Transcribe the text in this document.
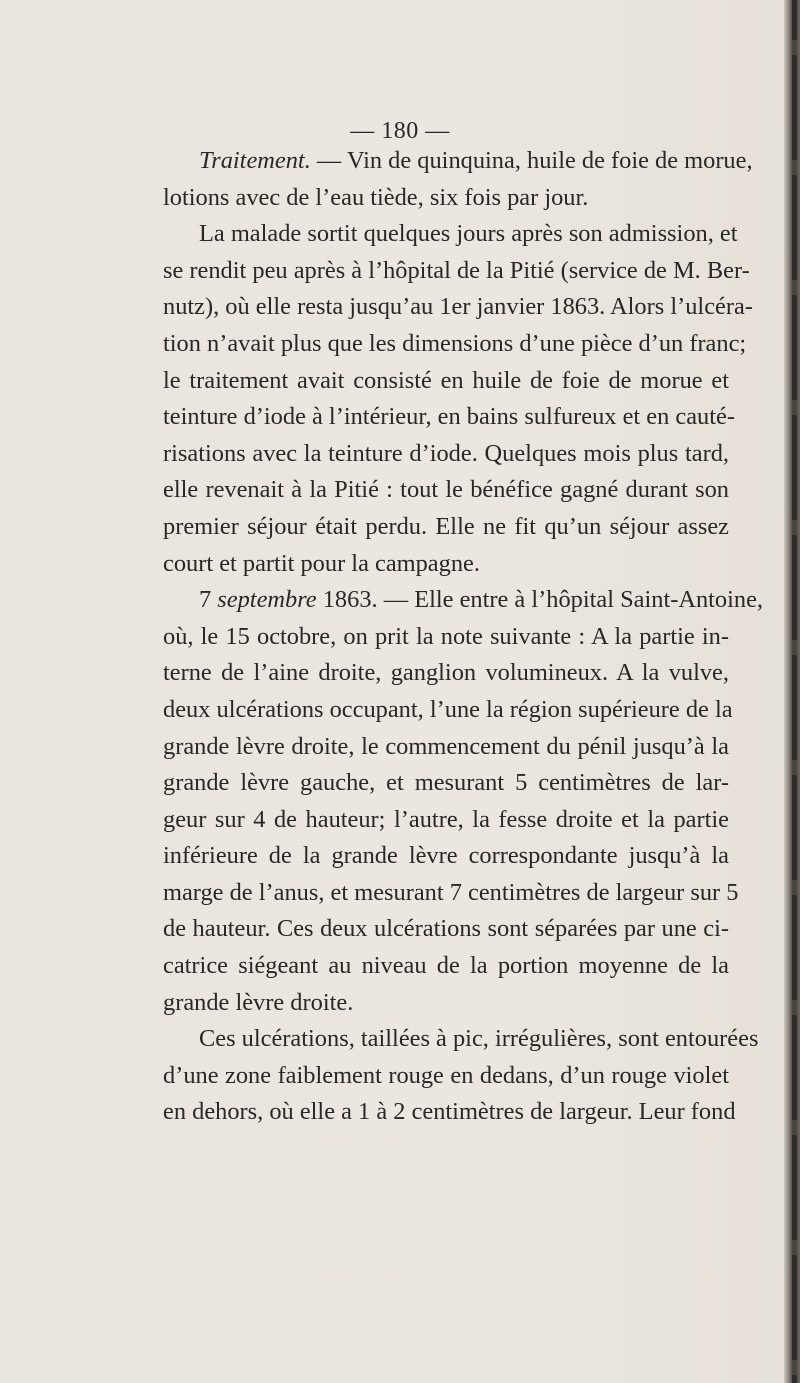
— 180 —
Traitement. — Vin de quinquina, huile de foie de morue,
lotions avec de l’eau tiède, six fois par jour.
La malade sortit quelques jours après son admission, et
se rendit peu après à l’hôpital de la Pitié (service de M. Ber-
nutz), où elle resta jusqu’au 1er janvier 1863. Alors l’ulcéra-
tion n’avait plus que les dimensions d’une pièce d’un franc;
le traitement avait consisté en huile de foie de morue et
teinture d’iode à l’intérieur, en bains sulfureux et en cauté-
risations avec la teinture d’iode. Quelques mois plus tard,
elle revenait à la Pitié : tout le bénéfice gagné durant son
premier séjour était perdu. Elle ne fit qu’un séjour assez
court et partit pour la campagne.
7 septembre 1863. — Elle entre à l’hôpital Saint-Antoine,
où, le 15 octobre, on prit la note suivante : A la partie in-
terne de l’aine droite, ganglion volumineux. A la vulve,
deux ulcérations occupant, l’une la région supérieure de la
grande lèvre droite, le commencement du pénil jusqu’à la
grande lèvre gauche, et mesurant 5 centimètres de lar-
geur sur 4 de hauteur; l’autre, la fesse droite et la partie
inférieure de la grande lèvre correspondante jusqu’à la
marge de l’anus, et mesurant 7 centimètres de largeur sur 5
de hauteur. Ces deux ulcérations sont séparées par une ci-
catrice siégeant au niveau de la portion moyenne de la
grande lèvre droite.
Ces ulcérations, taillées à pic, irrégulières, sont entourées
d’une zone faiblement rouge en dedans, d’un rouge violet
en dehors, où elle a 1 à 2 centimètres de largeur. Leur fond
